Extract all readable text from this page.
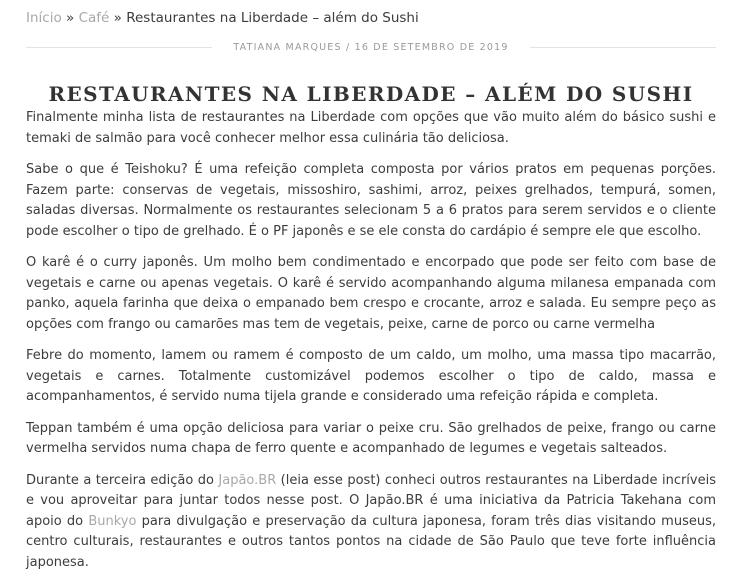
Início » Café » Restaurantes na Liberdade – além do Sushi
TATIANA MARQUES / 16 DE SETEMBRO DE 2019
RESTAURANTES NA LIBERDADE – ALÉM DO SUSHI

Finalmente minha lista de restaurantes na Liberdade com opções que vão muito além do básico sushi e temaki de salmão para você conhecer melhor essa culinária tão deliciosa.

Sabe o que é Teishoku? É uma refeição completa composta por vários pratos em pequenas porções. Fazem parte: conservas de vegetais, missoshiro, sashimi, arroz, peixes grelhados, tempurá, somen, saladas diversas. Normalmente os restaurantes selecionam 5 a 6 pratos para serem servidos e o cliente pode escolher o tipo de grelhado. É o PF japonês e se ele consta do cardápio é sempre ele que escolho.

O karê é o curry japonês. Um molho bem condimentado e encorpado que pode ser feito com base de vegetais e carne ou apenas vegetais. O karê é servido acompanhando alguma milanesa empanada com panko, aquela farinha que deixa o empanado bem crespo e crocante, arroz e salada. Eu sempre peço as opções com frango ou camarões mas tem de vegetais, peixe, carne de porco ou carne vermelha

Febre do momento, lamem ou ramem é composto de um caldo, um molho, uma massa tipo macarrão, vegetais e carnes. Totalmente customizável podemos escolher o tipo de caldo, massa e acompanhamentos, é servido numa tijela grande e considerado uma refeição rápida e completa.

Teppan também é uma opção deliciosa para variar o peixe cru. São grelhados de peixe, frango ou carne vermelha servidos numa chapa de ferro quente e acompanhado de legumes e vegetais salteados.

Durante a terceira edição do Japão.BR (leia esse post) conheci outros restaurantes na Liberdade incríveis e vou aproveitar para juntar todos nesse post. O Japão.BR é uma iniciativa da Patricia Takehana com apoio do Bunkyo para divulgação e preservação da cultura japonesa, foram três dias visitando museus, centro culturais, restaurantes e outros tantos pontos na cidade de São Paulo que teve forte influência japonesa.
